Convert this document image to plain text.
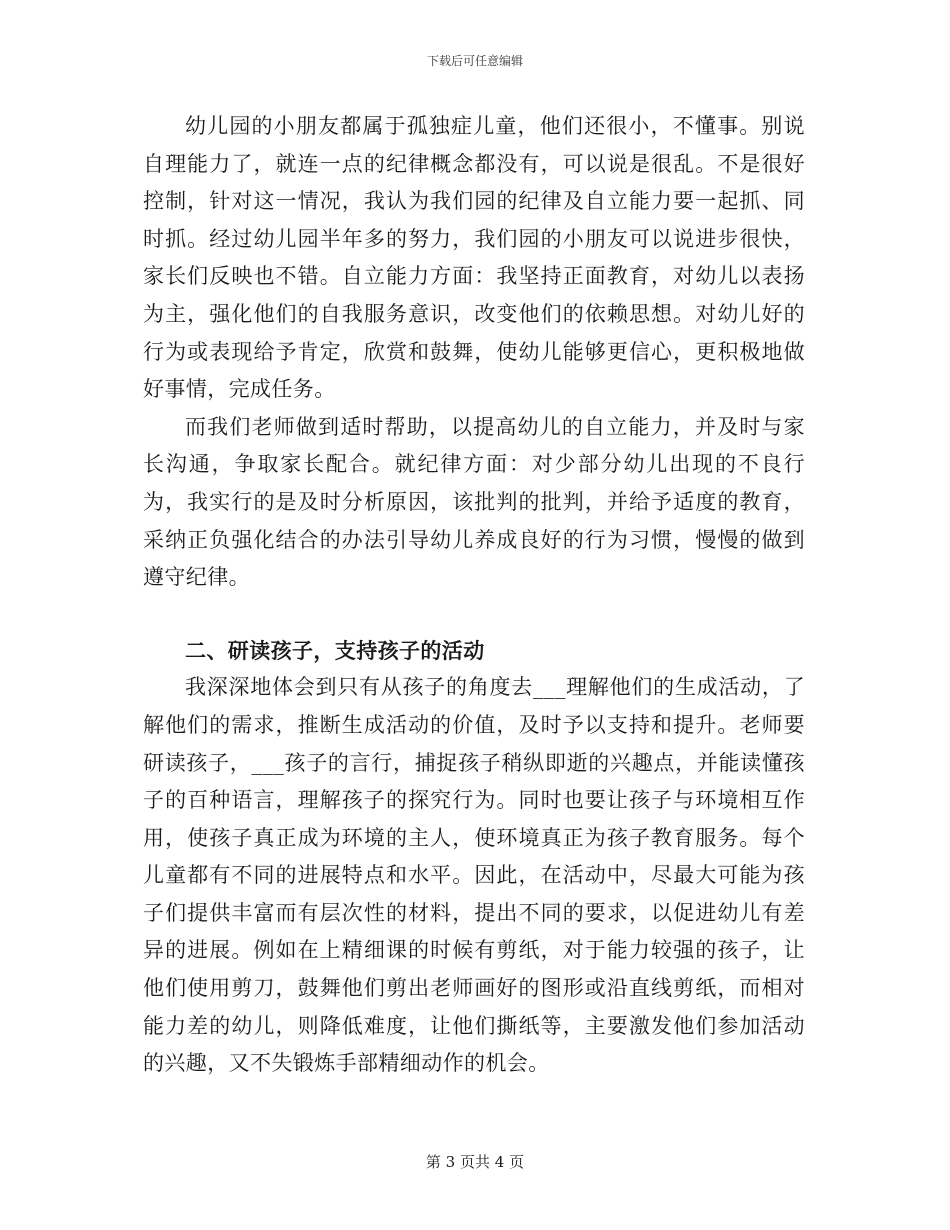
下载后可任意编辑

幼儿园的小朋友都属于孤独症儿童，他们还很小，不懂事。别说自理能力了，就连一点的纪律概念都没有，可以说是很乱。不是很好控制，针对这一情况，我认为我们园的纪律及自立能力要一起抓、同时抓。经过幼儿园半年多的努力，我们园的小朋友可以说进步很快，家长们反映也不错。自立能力方面：我坚持正面教育，对幼儿以表扬为主，强化他们的自我服务意识，改变他们的依赖思想。对幼儿好的行为或表现给予肯定，欣赏和鼓舞，使幼儿能够更信心，更积极地做好事情，完成任务。

而我们老师做到适时帮助，以提高幼儿的自立能力，并及时与家长沟通，争取家长配合。就纪律方面：对少部分幼儿出现的不良行为，我实行的是及时分析原因，该批判的批判，并给予适度的教育，采纳正负强化结合的办法引导幼儿养成良好的行为习惯，慢慢的做到遵守纪律。

二、研读孩子，支持孩子的活动

我深深地体会到只有从孩子的角度去___理解他们的生成活动，了解他们的需求，推断生成活动的价值，及时予以支持和提升。老师要研读孩子，___孩子的言行，捕捉孩子稍纵即逝的兴趣点，并能读懂孩子的百种语言，理解孩子的探究行为。同时也要让孩子与环境相互作用，使孩子真正成为环境的主人，使环境真正为孩子教育服务。每个儿童都有不同的进展特点和水平。因此，在活动中，尽最大可能为孩子们提供丰富而有层次性的材料，提出不同的要求，以促进幼儿有差异的进展。例如在上精细课的时候有剪纸，对于能力较强的孩子，让他们使用剪刀，鼓舞他们剪出老师画好的图形或沿直线剪纸，而相对能力差的幼儿，则降低难度，让他们撕纸等，主要激发他们参加活动的兴趣，又不失锻炼手部精细动作的机会。

第 3 页共 4 页
